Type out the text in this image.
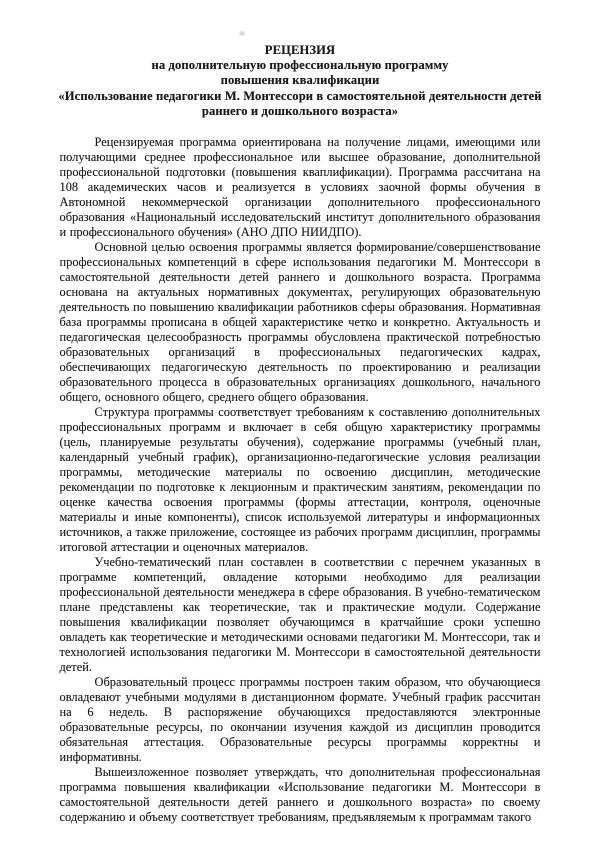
РЕЦЕНЗИЯ
на дополнительную профессиональную программу
повышения квалификации
«Использование педагогики М. Монтессори в самостоятельной деятельности детей раннего и дошкольного возраста»

Рецензируемая программа ориентирована на получение лицами, имеющими или получающими среднее профессиональное или высшее образование, дополнительной профессиональной подготовки (повышения кваплификации). Программа рассчитана на 108 академических часов и реализуется в условиях заочной формы обучения в Автономной некоммерческой организации дополнительного профессионального образования «Национальный исследовательский институт дополнительного образования и профессионального обучения» (АНО ДПО НИИДПО).

Основной целью освоения программы является формирование/совершенствование профессиональных компетенций в сфере использования педагогики М. Монтессори в самостоятельной деятельности детей раннего и дошкольного возраста. Программа основана на актуальных нормативных документах, регулирующих образовательную деятельность по повышению квалификации работников сферы образования. Нормативная база программы прописана в общей характеристике четко и конкретно. Актуальность и педагогическая целесообразность программы обусловлена практической потребностью образовательных организаций в профессиональных педагогических кадрах, обеспечивающих педагогическую деятельность по проектированию и реализации образовательного процесса в образовательных организациях дошкольного, начального общего, основного общего, среднего общего образования.

Структура программы соответствует требованиям к составлению дополнительных профессиональных программ и включает в себя общую характеристику программы (цель, планируемые результаты обучения), содержание программы (учебный план, календарный учебный график), организационно-педагогические условия реализации программы, методические материалы по освоению дисциплин, методические рекомендации по подготовке к лекционным и практическим занятиям, рекомендации по оценке качества освоения программы (формы аттестации, контроля, оценочные материалы и иные компоненты), список используемой литературы и информационных источников, а также приложение, состоящее из рабочих программ дисциплин, программы итоговой аттестации и оценочных материалов.

Учебно-тематический план составлен в соответствии с перечнем указанных в программе компетенций, овладение которыми необходимо для реализации профессиональной деятельности менеджера в сфере образования. В учебно-тематическом плане представлены как теоретические, так и практические модули. Содержание повышения квалификации позволяет обучающимся в кратчайшие сроки успешно овладеть как теоретические и методическими основами педагогики М. Монтессори, так и технологией использования педагогики М. Монтессори в самостоятельной деятельности детей.

Образовательный процесс программы построен таким образом, что обучающиеся овладевают учебными модулями в дистанционном формате. Учебный график рассчитан на 6 недель. В распоряжение обучающихся предоставляются электронные образовательные ресурсы, по окончании изучения каждой из дисциплин проводится обязательная аттестация. Образовательные ресурсы программы корректны и информативны.

Вышеизложенное позволяет утверждать, что дополнительная профессиональная программа повышения квалификации «Использование педагогики М. Монтессори в самостоятельной деятельности детей раннего и дошкольного возраста» по своему содержанию и объему соответствует требованиям, предъявляемым к программам такого
